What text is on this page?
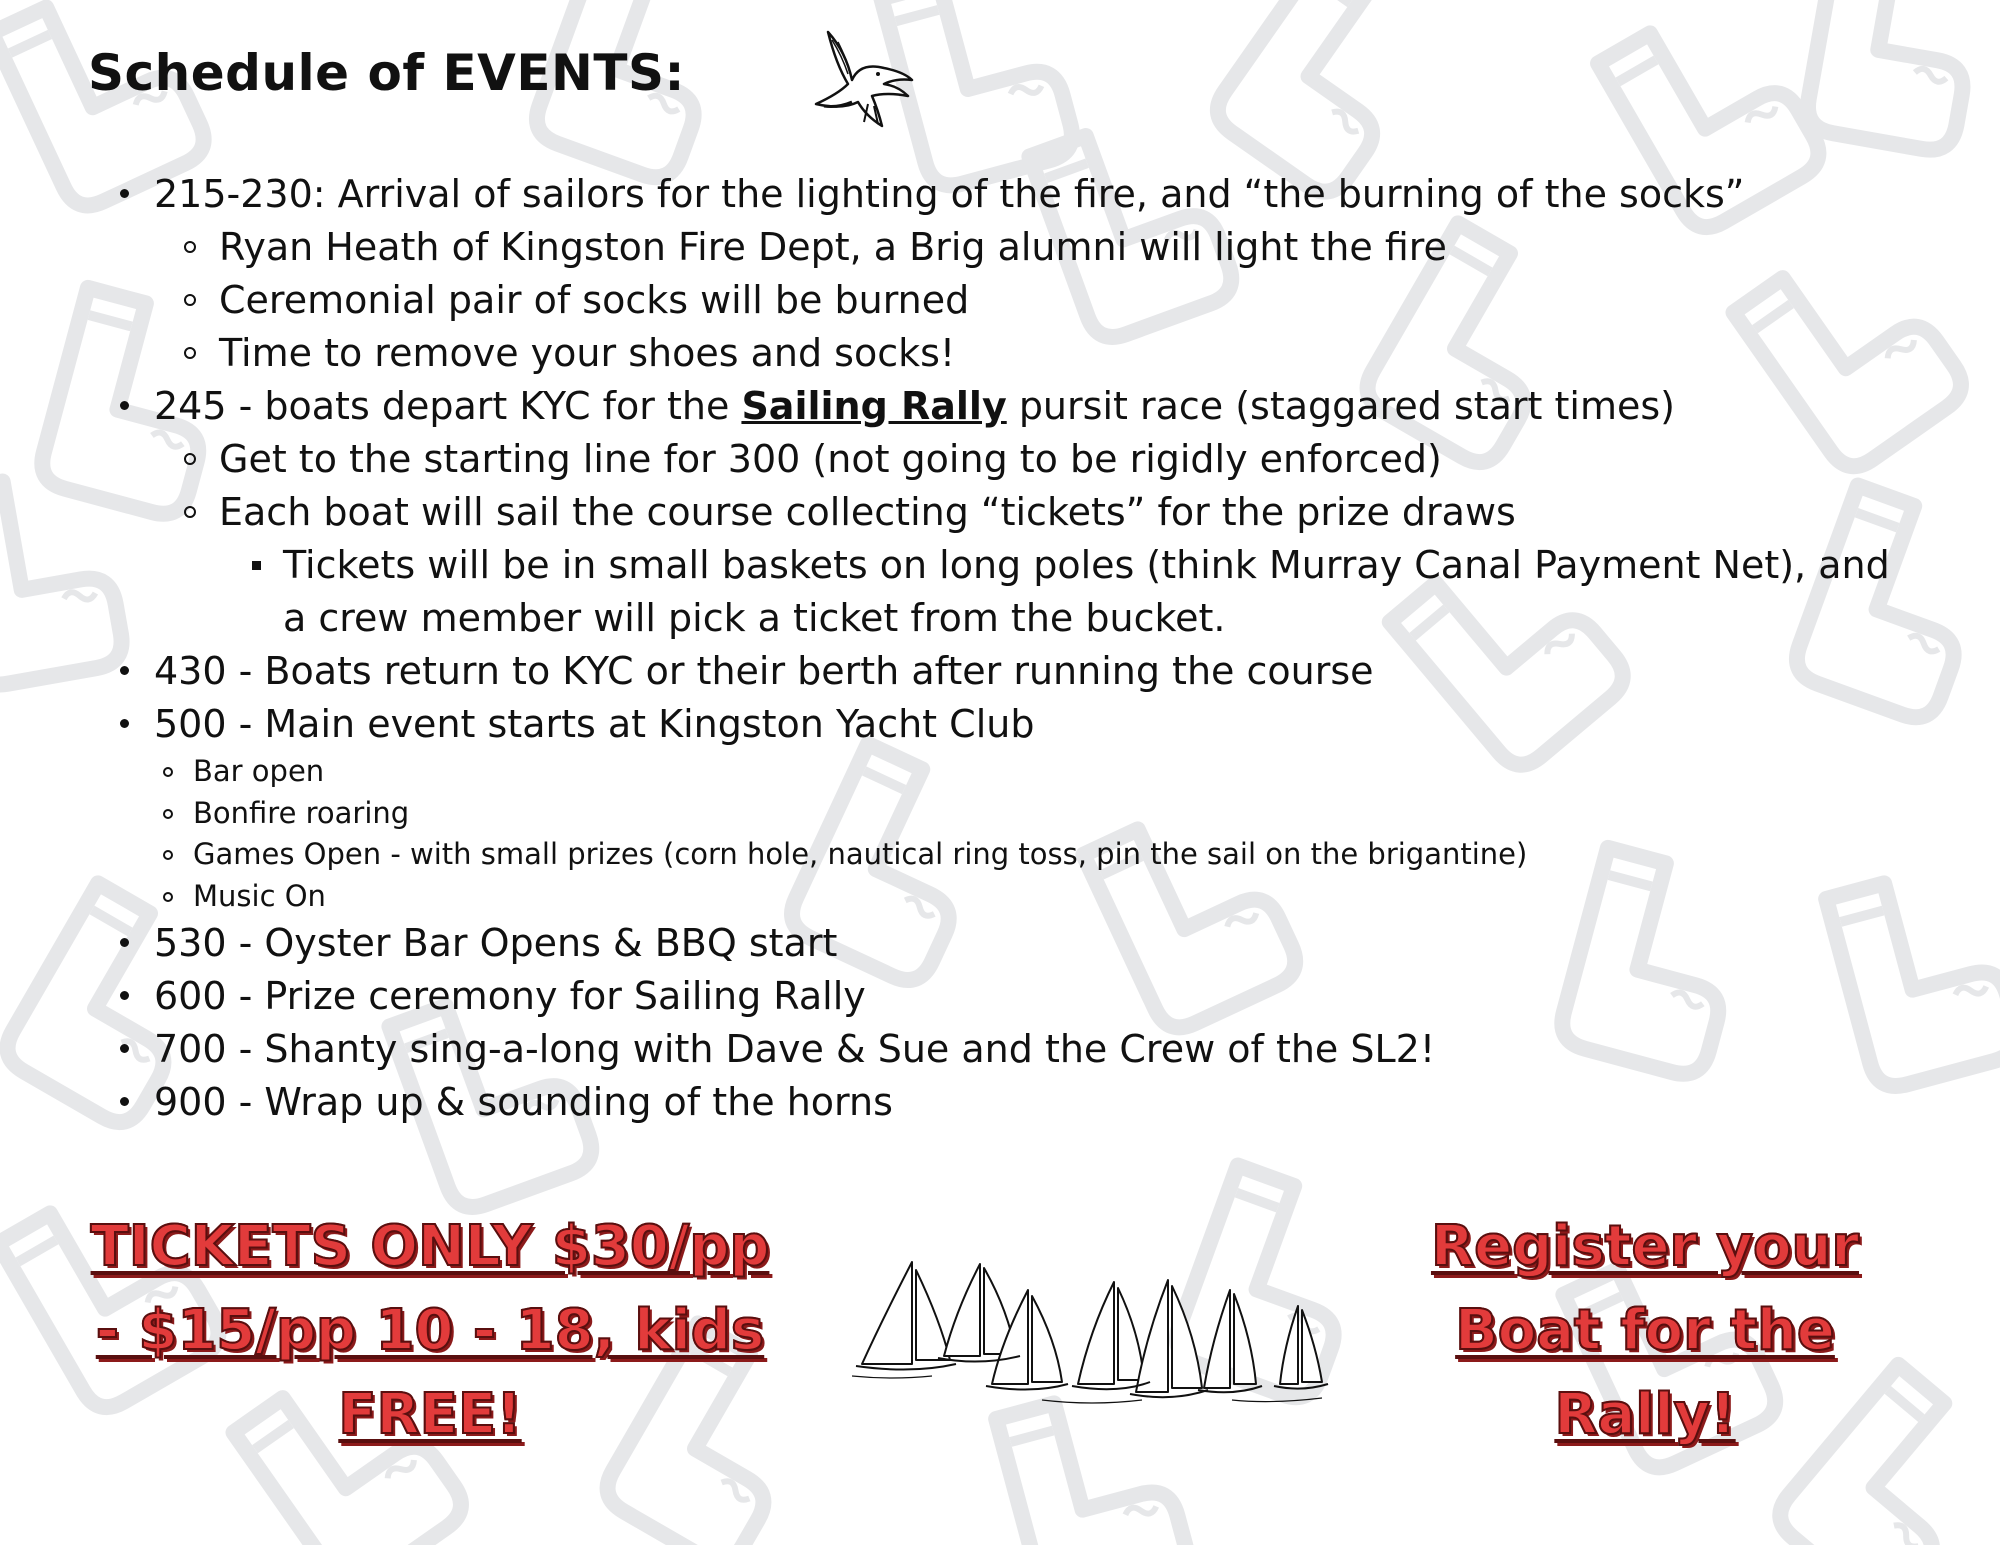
Schedule of EVENTS:
215-230: Arrival of sailors for the lighting of the fire, and “the burning of the socks”
Ryan Heath of Kingston Fire Dept, a Brig alumni will light the fire
Ceremonial pair of socks will be burned
Time to remove your shoes and socks!
245 - boats depart KYC for the Sailing Rally pursit race (staggared start times)
Get to the starting line for 300 (not going to be rigidly enforced)
Each boat will sail the course collecting “tickets” for the prize draws
Tickets will be in small baskets on long poles (think Murray Canal Payment Net), and a crew member will pick a ticket from the bucket.
430 - Boats return to KYC or their berth after running the course
500 - Main event starts at Kingston Yacht Club
Bar open
Bonfire roaring
Games Open - with small prizes (corn hole, nautical ring toss, pin the sail on the brigantine)
Music On
530 - Oyster Bar Opens & BBQ start
600 - Prize ceremony for Sailing Rally
700 - Shanty sing-a-long with Dave & Sue and the Crew of the SL2!
900 - Wrap up & sounding of the horns
TICKETS ONLY $30/pp
- $15/pp 10 - 18, kids
FREE!
Register your
Boat for the
Rally!
